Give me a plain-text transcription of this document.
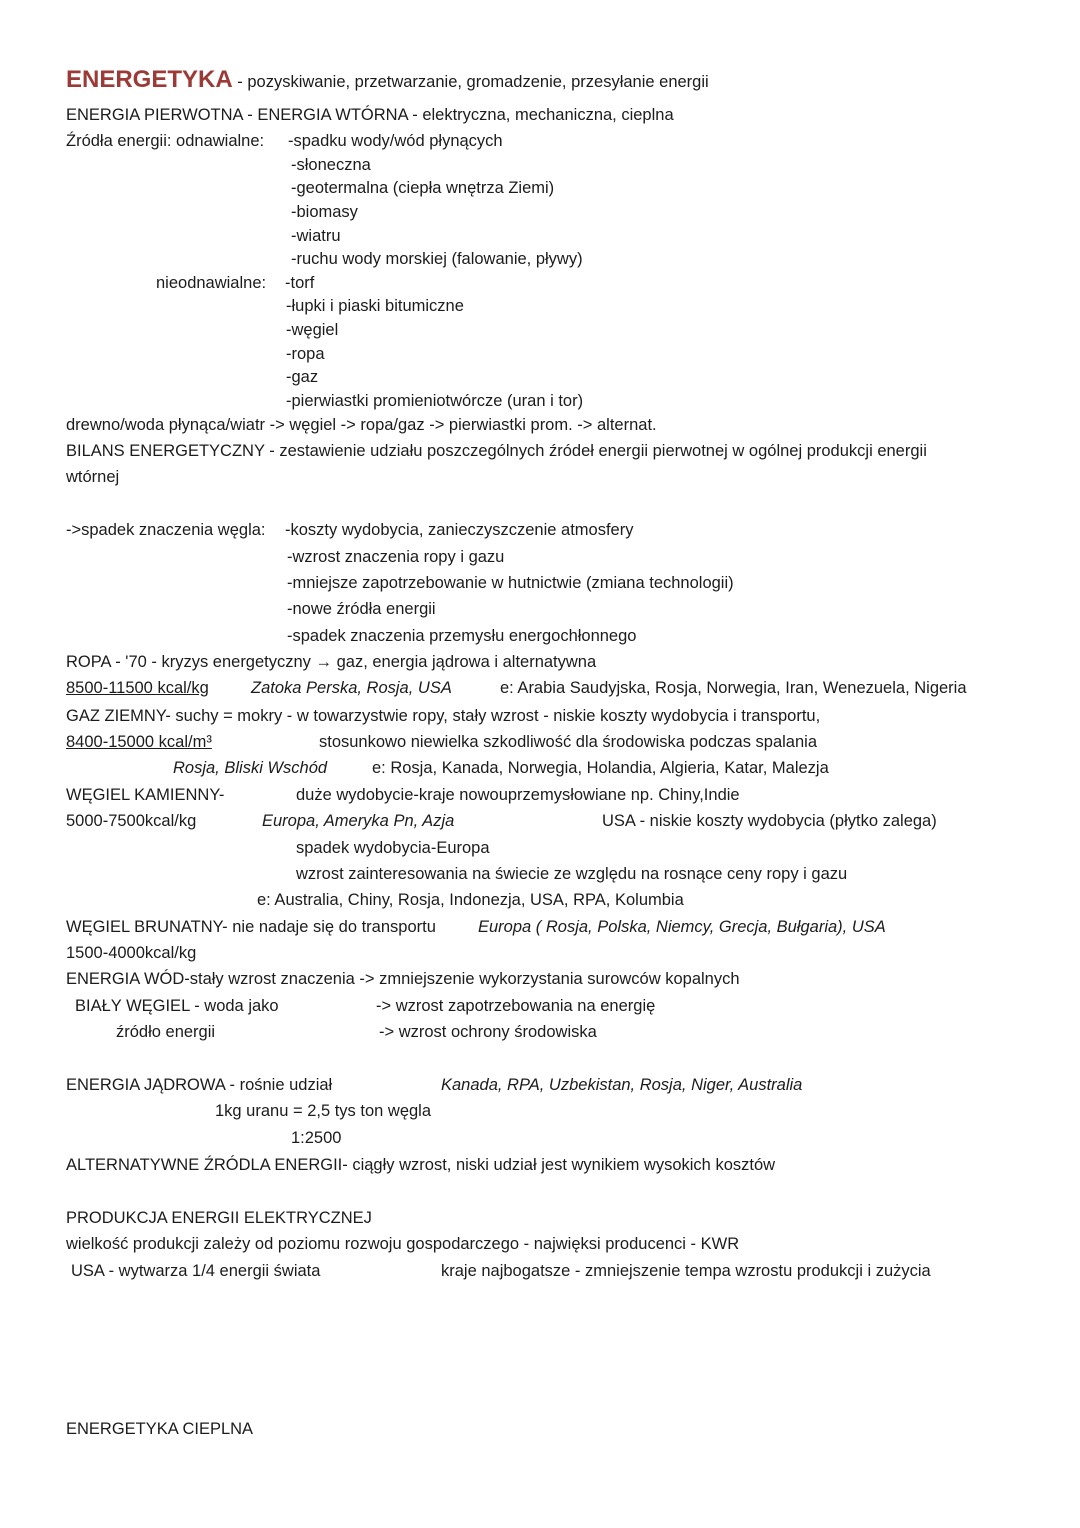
ENERGETYKA - pozyskiwanie, przetwarzanie, gromadzenie, przesyłanie energii
ENERGIA PIERWOTNA - ENERGIA WTÓRNA - elektryczna, mechaniczna, cieplna
Źródła energii: odnawialne: -spadku wody/wód płynących
-słoneczna
-geotermalna (ciepła wnętrza Ziemi)
-biomasy
-wiatru
-ruchu wody morskiej (falowanie, pływy)
nieodnawialne: -torf
-łupki i piaski bitumiczne
-węgiel
-ropa
-gaz
-pierwiastki promieniotwórcze (uran i tor)
drewno/woda płynąca/wiatr -> węgiel -> ropa/gaz -> pierwiastki prom. -> alternat.
BILANS ENERGETYCZNY - zestawienie udziału poszczególnych źródeł energii pierwotnej w ogólnej produkcji energii
wtórnej
->spadek znaczenia węgla: -koszty wydobycia, zanieczyszczenie atmosfery
-wzrost znaczenia ropy i gazu
-mniejsze zapotrzebowanie w hutnictwie (zmiana technologii)
-nowe źródła energii
-spadek znaczenia przemysłu energochłonnego
ROPA - '70 - kryzys energetyczny → gaz, energia jądrowa i alternatywna
8500-11500 kcal/kg	Zatoka Perska, Rosja, USA	e: Arabia Saudyjska, Rosja, Norwegia, Iran, Wenezuela, Nigeria
GAZ ZIEMNY- suchy = mokry - w towarzystwie ropy, stały wzrost - niskie koszty wydobycia i transportu,
8400-15000 kcal/m³	stosunkowo niewielka szkodliwość dla środowiska podczas spalania
Rosja, Bliski Wschód	e: Rosja, Kanada, Norwegia, Holandia, Algieria, Katar, Malezja
WĘGIEL KAMIENNY-	duże wydobycie-kraje nowouprzemysłowiane np. Chiny,Indie
5000-7500kcal/kg	Europa, Ameryka Pn, Azja	USA - niskie koszty wydobycia (płytko zalega)
spadek wydobycia-Europa
wzrost zainteresowania na świecie ze względu na rosnące ceny ropy i gazu
e: Australia, Chiny, Rosja, Indonezja, USA, RPA, Kolumbia
WĘGIEL BRUNATNY- nie nadaje się do transportu	Europa ( Rosja, Polska, Niemcy, Grecja, Bułgaria), USA
1500-4000kcal/kg
ENERGIA WÓD-stały wzrost znaczenia -> zmniejszenie wykorzystania surowców kopalnych
BIAŁY WĘGIEL - woda jako	-> wzrost zapotrzebowania na energię
źródło energii	-> wzrost ochrony środowiska
ENERGIA JĄDROWA - rośnie udział	Kanada, RPA, Uzbekistan, Rosja, Niger, Australia
1kg uranu = 2,5 tys ton węgla
1:2500
ALTERNATYWNE ŹRÓDLA ENERGII- ciągły wzrost, niski udział jest wynikiem wysokich kosztów
PRODUKCJA ENERGII ELEKTRYCZNEJ
wielkość produkcji zależy od poziomu rozwoju gospodarczego - najwięksi producenci - KWR
USA - wytwarza 1/4 energii świata	kraje najbogatsze - zmniejszenie tempa wzrostu produkcji i zużycia
ENERGETYKA CIEPLNA
